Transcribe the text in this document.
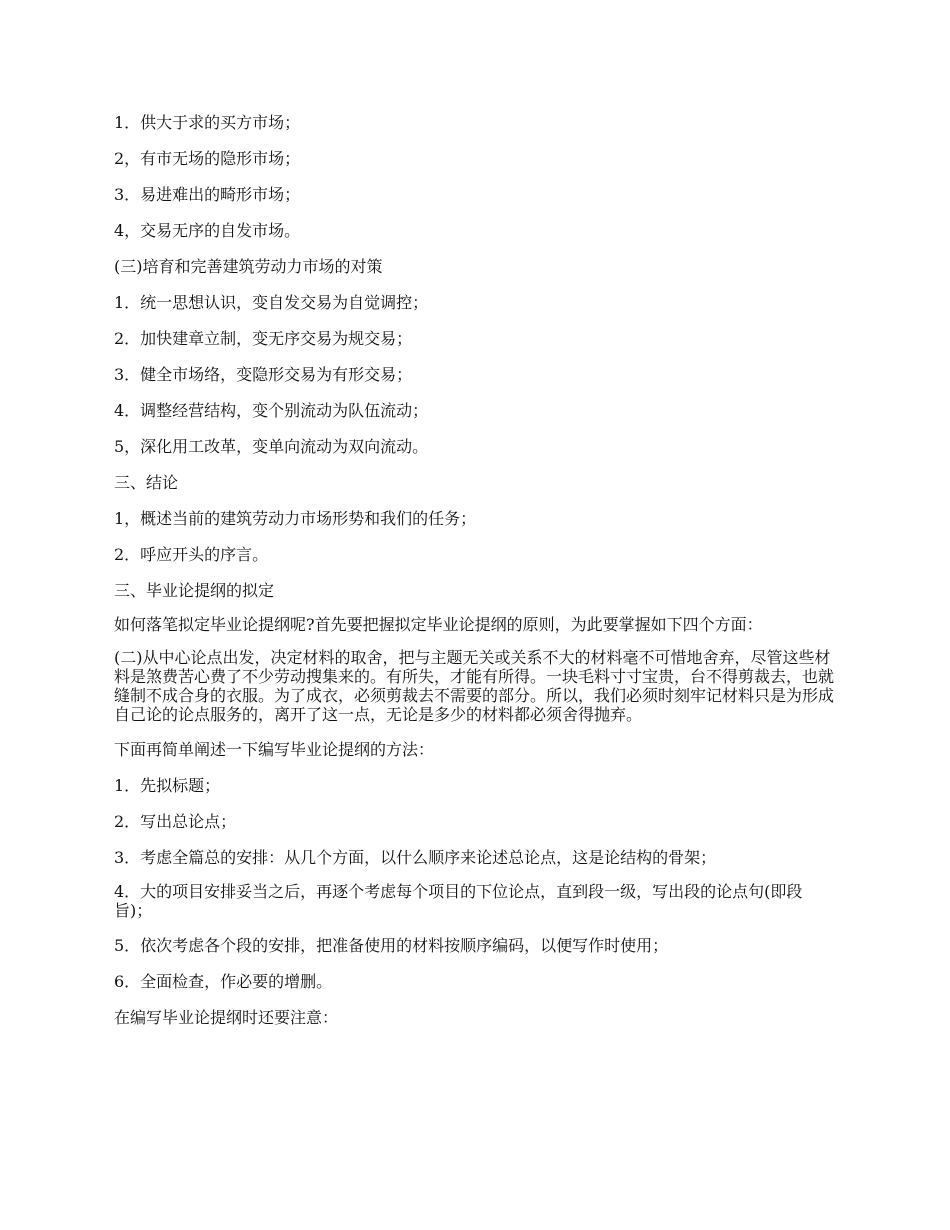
1．供大于求的买方市场；

2，有市无场的隐形市场；

3．易进难出的畸形市场；

4，交易无序的自发市场。

(三)培育和完善建筑劳动力市场的对策

1．统一思想认识，变自发交易为自觉调控；

2．加快建章立制，变无序交易为规交易；

3．健全市场络，变隐形交易为有形交易；

4．调整经营结构，变个别流动为队伍流动；

5，深化用工改革，变单向流动为双向流动。

三、结论

1，概述当前的建筑劳动力市场形势和我们的任务；

2．呼应开头的序言。

三、毕业论提纲的拟定

如何落笔拟定毕业论提纲呢?首先要把握拟定毕业论提纲的原则，为此要掌握如下四个方面：

(二)从中心论点出发，决定材料的取舍，把与主题无关或关系不大的材料毫不可惜地舍弃，尽管这些材料是煞费苦心费了不少劳动搜集来的。有所失，才能有所得。一块毛料寸寸宝贵，台不得剪裁去，也就缝制不成合身的衣服。为了成衣，必须剪裁去不需要的部分。所以，我们必须时刻牢记材料只是为形成自己论的论点服务的，离开了这一点，无论是多少的材料都必须舍得抛弃。

下面再简单阐述一下编写毕业论提纲的方法：

1．先拟标题；

2．写出总论点；

3．考虑全篇总的安排：从几个方面，以什么顺序来论述总论点，这是论结构的骨架；

4．大的项目安排妥当之后，再逐个考虑每个项目的下位论点，直到段一级，写出段的论点句(即段旨)；

5．依次考虑各个段的安排，把准备使用的材料按顺序编码，以便写作时使用；

6．全面检查，作必要的增删。

在编写毕业论提纲时还要注意：
